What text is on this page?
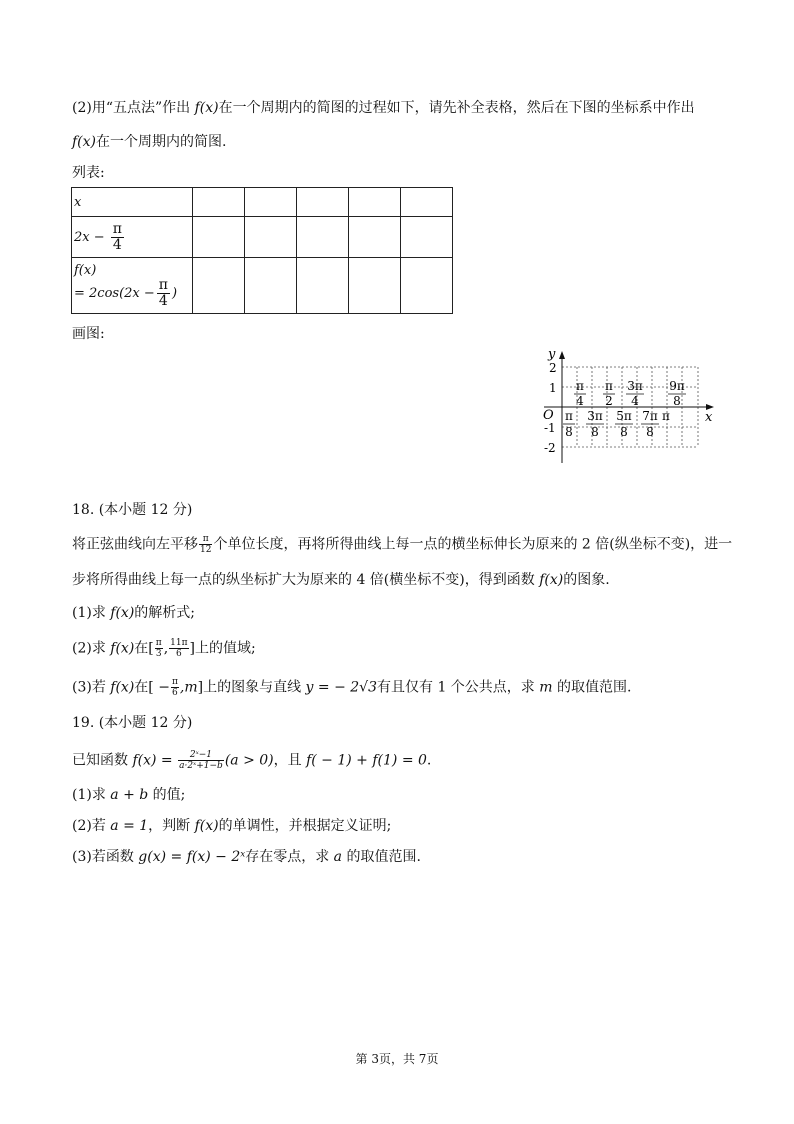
(2)用“五点法”作出 f(x)在一个周期内的简图的过程如下，请先补全表格，然后在下图的坐标系中作出
f(x)在一个周期内的简图.
列表:
x					
$2x - \frac{\pi}{4}$

f(x)
= $2\cos(2x - \frac{\pi}{4}$ )					

画图:
y
x
O
2
1
-1
-2
π
4
π
2
3π
4
9π
8
π
8
3π
8
5π
8
7π
8
π
18. (本小题 12 分)
将正弦曲线向左平移 $\frac{\pi}{12}$ 个单位长度，再将所得曲线上每一点的横坐标伸长为原来的 2 倍(纵坐标不变)，进一
步将所得曲线上每一点的纵坐标扩大为原来的 4 倍(横坐标不变)，得到函数 f(x)的图象.
(1)求 f(x)的解析式;
(2)求 f(x)在[ $\frac{\pi}{3}$ , $\frac{11\pi}{6}$ ]上的值域;
(3)若 f(x)在[ − $\frac{\pi}{6} ,m$]上的图象与直线 y = − 2√3有且仅有 1 个公共点，求 m 的取值范围.
19. (本小题 12 分)
已知函数 $f(x) = \frac{\text{2ˣ−1}}{\text{a·2ˣ+1−b}} (a > 0)$，且 f( − 1) + f(1) = 0.
(1)求 a + b 的值;
(2)若 a = 1，判断 f(x)的单调性，并根据定义证明;
(3)若函数 g(x) = f(x) − 2ˣ存在零点，求 a 的取值范围.
第 3页，共 7页
